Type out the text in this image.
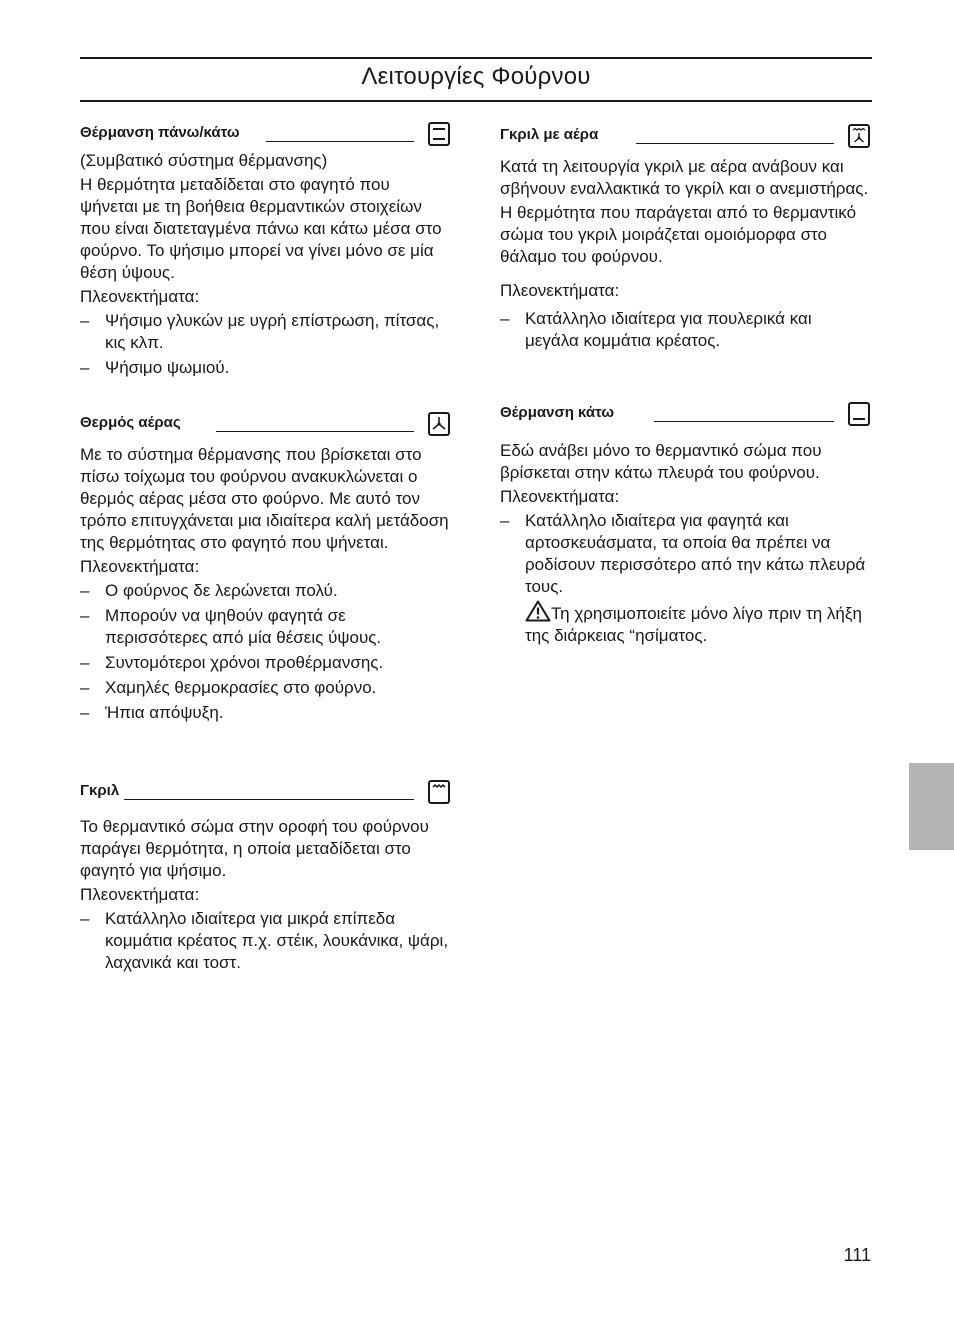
Λειτουργίες Φούρνου
Θέρμανση πάνω/κάτω

(Συμβατικό σύστημα θέρμανσης)

Η θερμότητα μεταδίδεται στο φαγητό που ψήνεται με τη βοήθεια θερμαντικών στοιχείων που είναι διατεταγμένα πάνω και κάτω μέσα στο φούρνο. Το ψήσιμο μπορεί να γίνει μόνο σε μία θέση ύψους.

Πλεονεκτήματα:

– Ψήσιμο γλυκών με υγρή επίστρωση, πίτσας, κις κλπ.
– Ψήσιμο ψωμιού.
Θερμός αέρας

Με το σύστημα θέρμανσης που βρίσκεται στο πίσω τοίχωμα του φούρνου ανακυκλώνεται ο θερμός αέρας μέσα στο φούρνο. Με αυτό τον τρόπο επιτυγχάνεται μια ιδιαίτερα καλή μετάδοση της θερμότητας στο φαγητό που ψήνεται.

Πλεονεκτήματα:

– Ο φούρνος δε λερώνεται πολύ.
– Μπορούν να ψηθούν φαγητά σε περισσότερες από μία θέσεις ύψους.
– Συντομότεροι χρόνοι προθέρμανσης.
– Χαμηλές θερμοκρασίες στο φούρνο.
– Ήπια απόψυξη.
Γκριλ

Το θερμαντικό σώμα στην οροφή του φούρνου παράγει θερμότητα, η οποία μεταδίδεται στο φαγητό για ψήσιμο.

Πλεονεκτήματα:

– Κατάλληλο ιδιαίτερα για μικρά επίπεδα κομμάτια κρέατος π.χ. στέικ, λουκάνικα, ψάρι, λαχανικά και τοστ.
Γκριλ με αέρα

Κατά τη λειτουργία γκριλ με αέρα ανάβουν και σβήνουν εναλλακτικά το γκρίλ και ο ανεμιστήρας.

Η θερμότητα που παράγεται από το θερμαντικό σώμα του γκριλ μοιράζεται ομοιόμορφα στο θάλαμο του φούρνου.

Πλεονεκτήματα:

– Κατάλληλο ιδιαίτερα για πουλερικά και μεγάλα κομμάτια κρέατος.
Θέρμανση κάτω

Εδώ ανάβει μόνο το θερμαντικό σώμα που βρίσκεται στην κάτω πλευρά του φούρνου.

Πλεονεκτήματα:

– Κατάλληλο ιδιαίτερα για φαγητά και αρτοσκευάσματα, τα οποία θα πρέπει να ροδίσουν περισσότερο από την κάτω πλευρά τους.
Τη χρησιμοποιείτε μόνο λίγο πριν τη λήξη της διάρκειας “ησίματος.
111
